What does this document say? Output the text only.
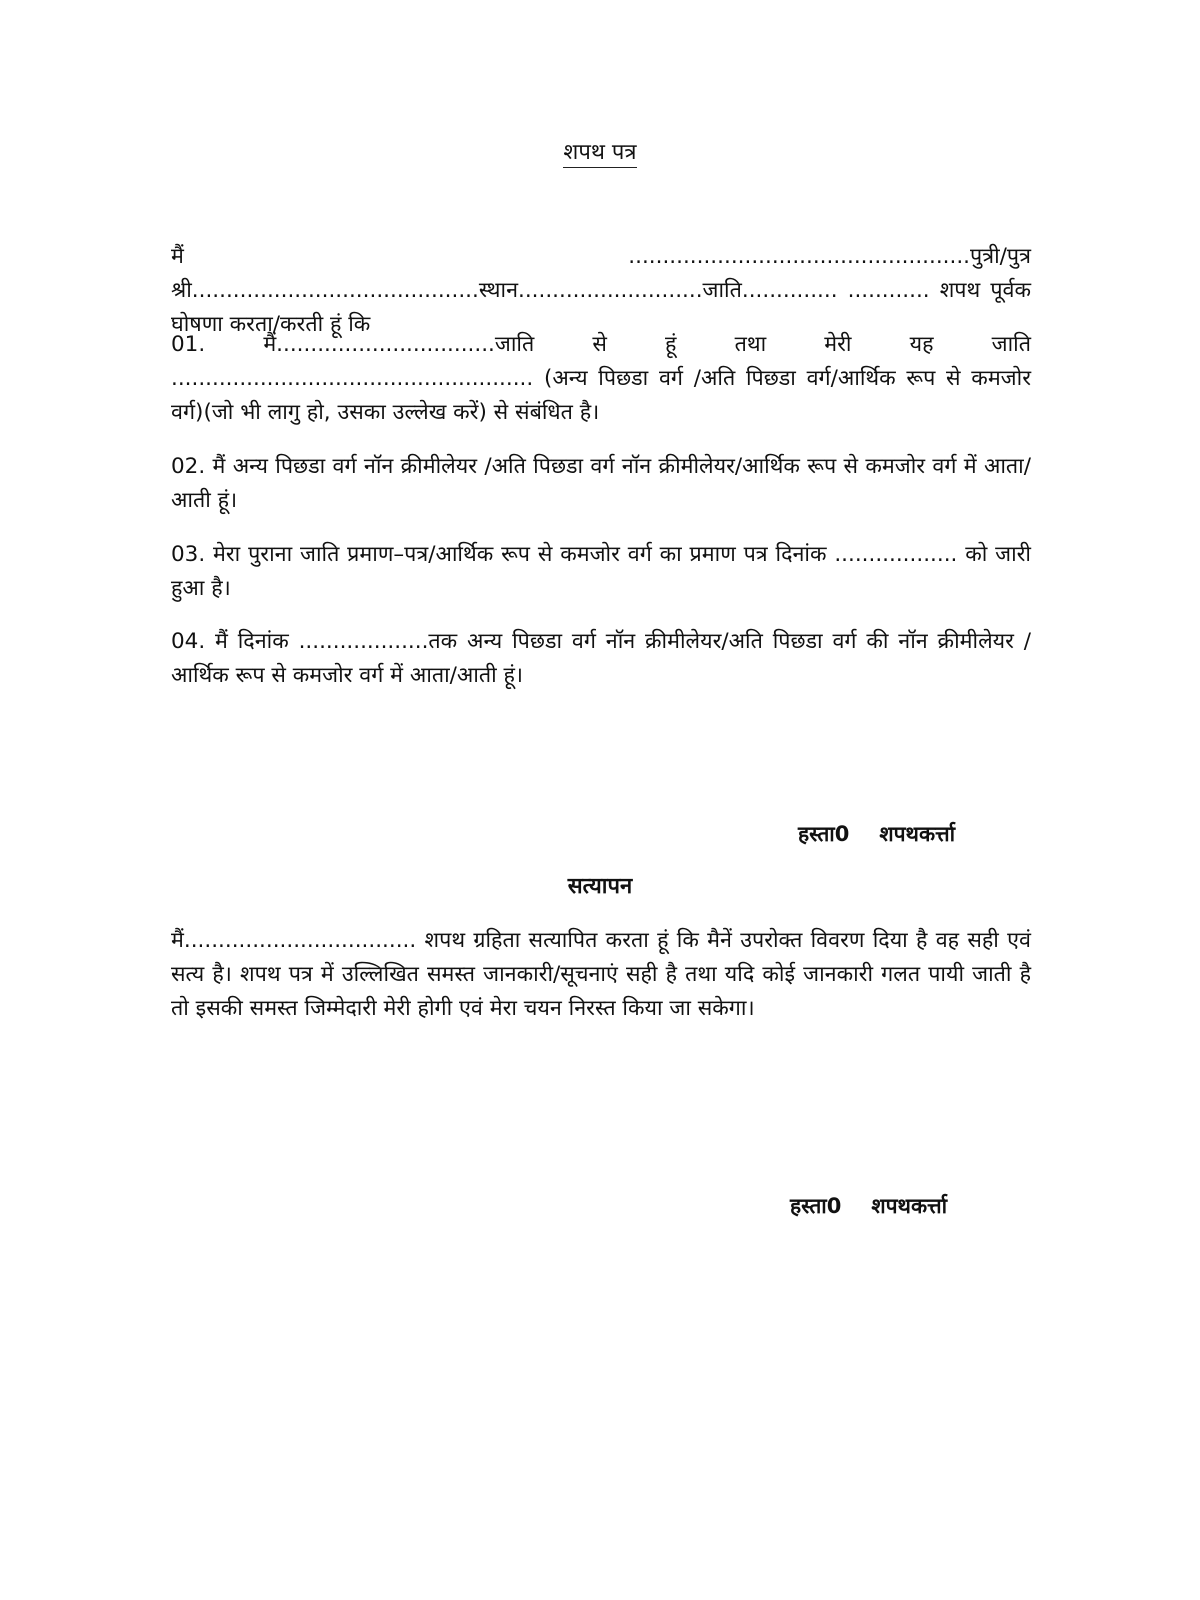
शपथ पत्र

मैं ..................................................पुत्री/पुत्र श्री..........................................स्थान...........................जाति.............. ............ शपथ पूर्वक घोषणा करता/करती हूं कि

01. मैं................................जाति से हूं तथा मेरी यह जाति ..................................................... (अन्य पिछडा वर्ग /अति पिछडा वर्ग/आर्थिक रूप से कमजोर वर्ग)(जो भी लागु हो, उसका उल्लेख करें) से संबंधित है।

02. मैं अन्य पिछडा वर्ग नॉन क्रीमीलेयर /अति पिछडा वर्ग नॉन क्रीमीलेयर/आर्थिक रूप से कमजोर वर्ग में आता/आती हूं।

03. मेरा पुराना जाति प्रमाण–पत्र/आर्थिक रूप से कमजोर वर्ग का प्रमाण पत्र दिनांक .................. को जारी हुआ है।

04. मैं दिनांक ...................तक अन्य पिछडा वर्ग नॉन क्रीमीलेयर/अति पिछडा वर्ग की नॉन क्रीमीलेयर /आर्थिक रूप से कमजोर वर्ग में आता/आती हूं।

हस्ता0 शपथकर्त्ता
सत्यापन

मैं.................................. शपथ ग्रहिता सत्यापित करता हूं कि मैनें उपरोक्त विवरण दिया है वह सही एवं सत्य है। शपथ पत्र में उल्लिखित समस्त जानकारी/सूचनाएं सही है तथा यदि कोई जानकारी गलत पायी जाती है तो इसकी समस्त जिम्मेदारी मेरी होगी एवं मेरा चयन निरस्त किया जा सकेगा।

हस्ता0 शपथकर्त्ता
